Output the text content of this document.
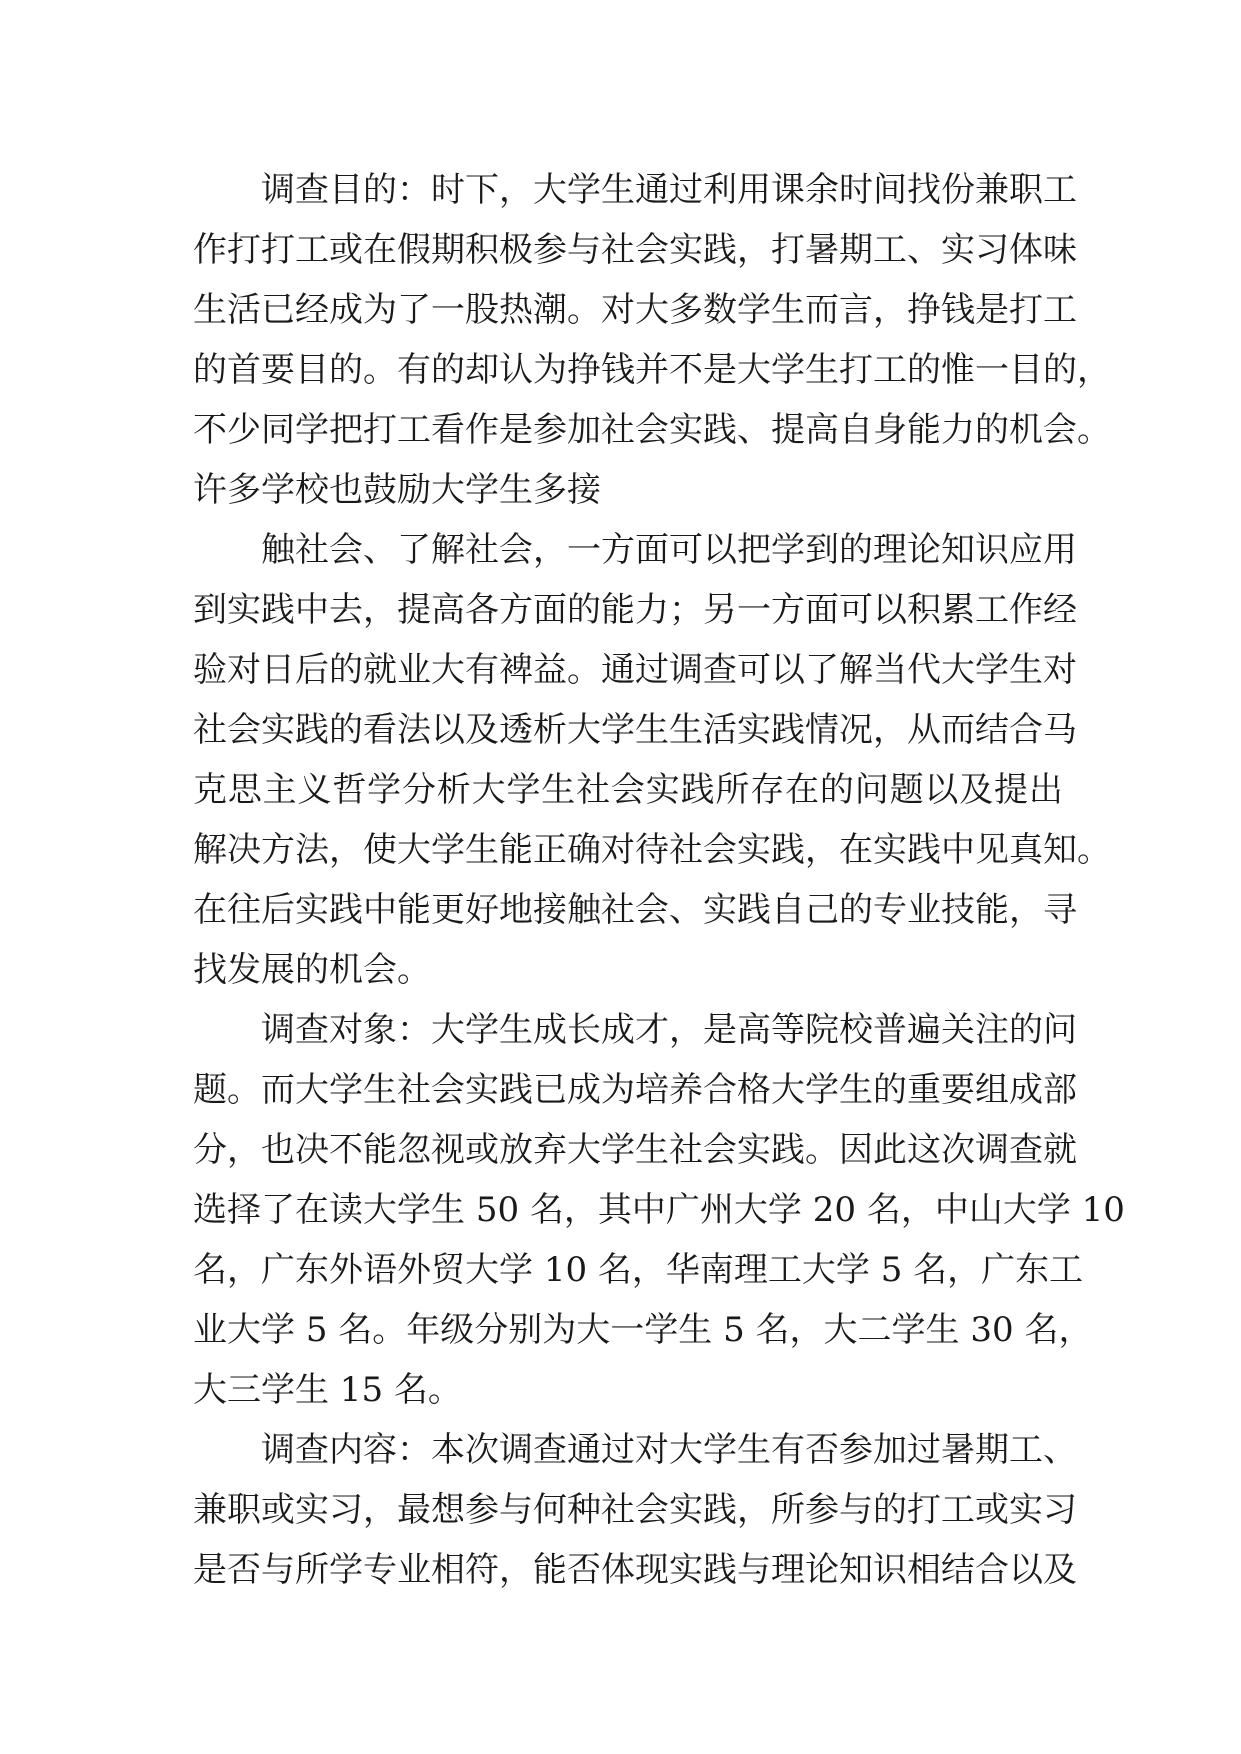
调 查 目 的 ： 时 下 ， 大 学 生 通 过 利 用 课 余 时 间 找 份 兼 职 工
作 打 打 工 或 在 假 期 积 极 参 与 社 会 实 践 ， 打 暑 期 工 、 实 习 体 味
生 活 已 经 成 为 了 一 股 热 潮 。 对 大 多 数 学 生 而 言 ， 挣 钱 是 打 工
的 首 要 目 的 。 有 的 却 认 为 挣 钱 并 不 是 大 学 生 打 工 的 惟 一 目 的 ，
不 少 同 学 把 打 工 看 作 是 参 加 社 会 实 践 、 提 高 自 身 能 力 的 机 会 。
许多学校也鼓励大学生多接
触 社 会 、 了 解 社 会 ， 一 方 面 可 以 把 学 到 的 理 论 知 识 应 用
到 实 践 中 去 ， 提 高 各 方 面 的 能 力 ； 另 一 方 面 可 以 积 累 工 作 经
验 对 日 后 的 就 业 大 有 裨 益 。 通 过 调 查 可 以 了 解 当 代 大 学 生 对
社 会 实 践 的 看 法 以 及 透 析 大 学 生 生 活 实 践 情 况 ， 从 而 结 合 马
克 思 主 义 哲 学 分 析 大 学 生 社 会 实 践 所 存 在 的 问 题 以 及 提 出
解 决 方 法 ， 使 大 学 生 能 正 确 对 待 社 会 实 践 ， 在 实 践 中 见 真 知 。
在 往 后 实 践 中 能 更 好 地 接 触 社 会 、 实 践 自 己 的 专 业 技 能 ， 寻
找发展的机会。
调 查 对 象 ： 大 学 生 成 长 成 才 ， 是 高 等 院 校 普 遍 关 注 的 问
题 。 而 大 学 生 社 会 实 践 已 成 为 培 养 合 格 大 学 生 的 重 要 组 成 部
分 ， 也 决 不 能 忽 视 或 放 弃 大 学 生 社 会 实 践 。 因 此 这 次 调 查 就
选 择 了 在 读 大 学 生
5 0
名 ， 其 中 广 州 大 学
2 0
名 ， 中 山 大 学
1 0
名 ， 广 东 外 语 外 贸 大 学
1 0
名 ， 华 南 理 工 大 学
5
名 ， 广 东 工
业 大 学
5
名 。 年 级 分 别 为 大 一 学 生
5
名 ， 大 二 学 生
3 0
名 ，
大三学生 15 名。
调 查 内 容 ： 本 次 调 查 通 过 对 大 学 生 有 否 参 加 过 暑 期 工 、
兼 职 或 实 习 ， 最 想 参 与 何 种 社 会 实 践 ， 所 参 与 的 打 工 或 实 习
是 否 与 所 学 专 业 相 符 ， 能 否 体 现 实 践 与 理 论 知 识 相 结 合 以 及
